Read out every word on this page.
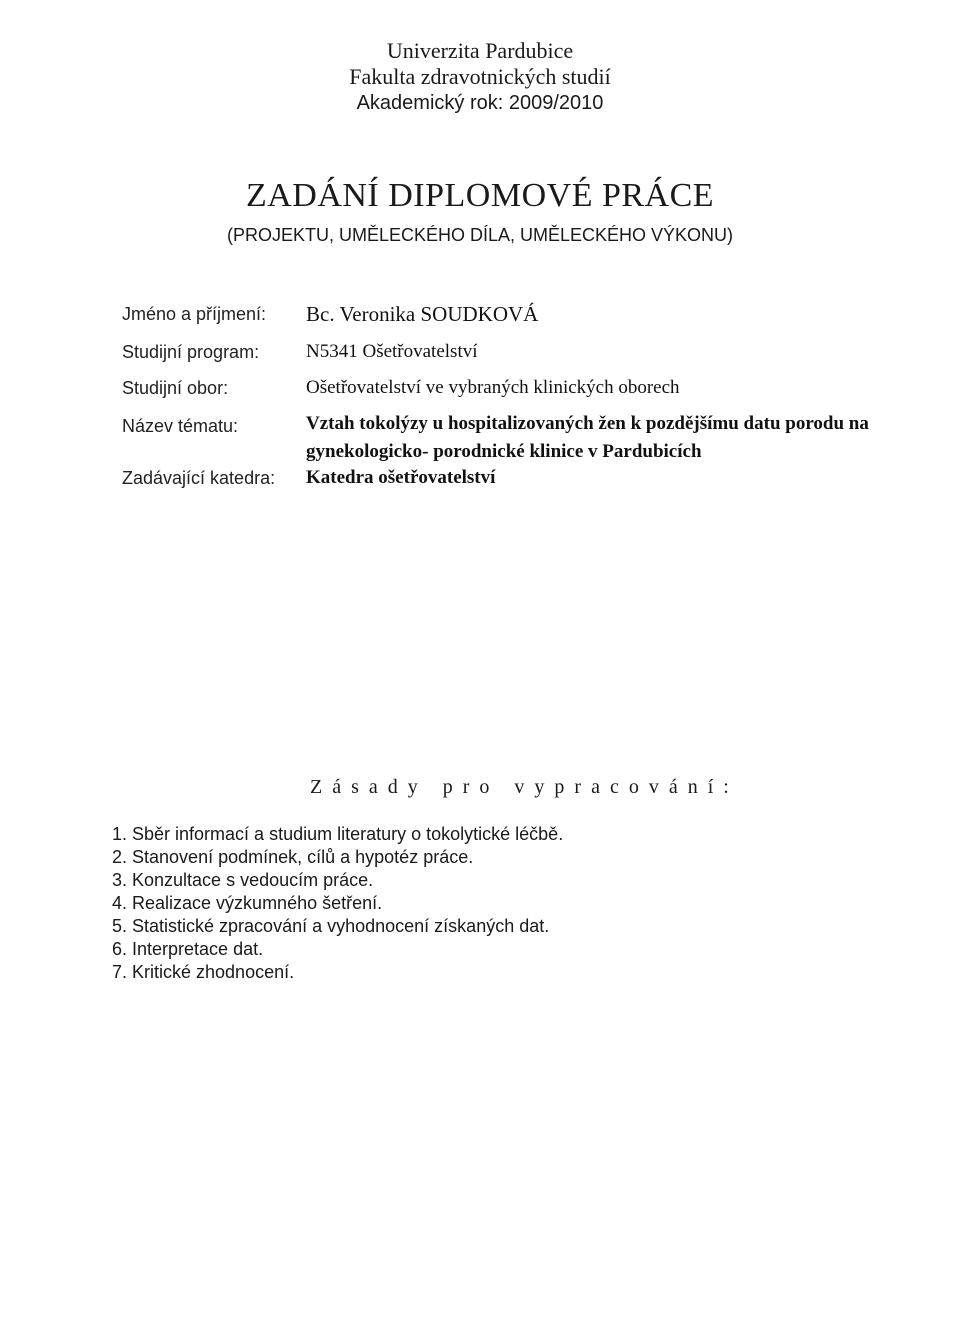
Univerzita Pardubice
Fakulta zdravotnických studií
Akademický rok: 2009/2010
ZADÁNÍ DIPLOMOVÉ PRÁCE
(PROJEKTU, UMĚLECKÉHO DÍLA, UMĚLECKÉHO VÝKONU)
Jméno a příjmení:	Bc. Veronika SOUDKOVÁ
Studijní program:	N5341 Ošetřovatelství
Studijní obor:	Ošetřovatelství ve vybraných klinických oborech
Název tématu:	Vztah tokolýzy u hospitalizovaných žen k pozdějšímu datu porodu na gynekologicko- porodnické klinice v Pardubicích
Zadávající katedra:	Katedra ošetřovatelství
Zásady pro vypracování:
1. Sběr informací a studium literatury o tokolytické léčbě.
2. Stanovení podmínek, cílů a hypotéz práce.
3. Konzultace s vedoucím práce.
4. Realizace výzkumného šetření.
5. Statistické zpracování a vyhodnocení získaných dat.
6. Interpretace dat.
7. Kritické zhodnocení.
